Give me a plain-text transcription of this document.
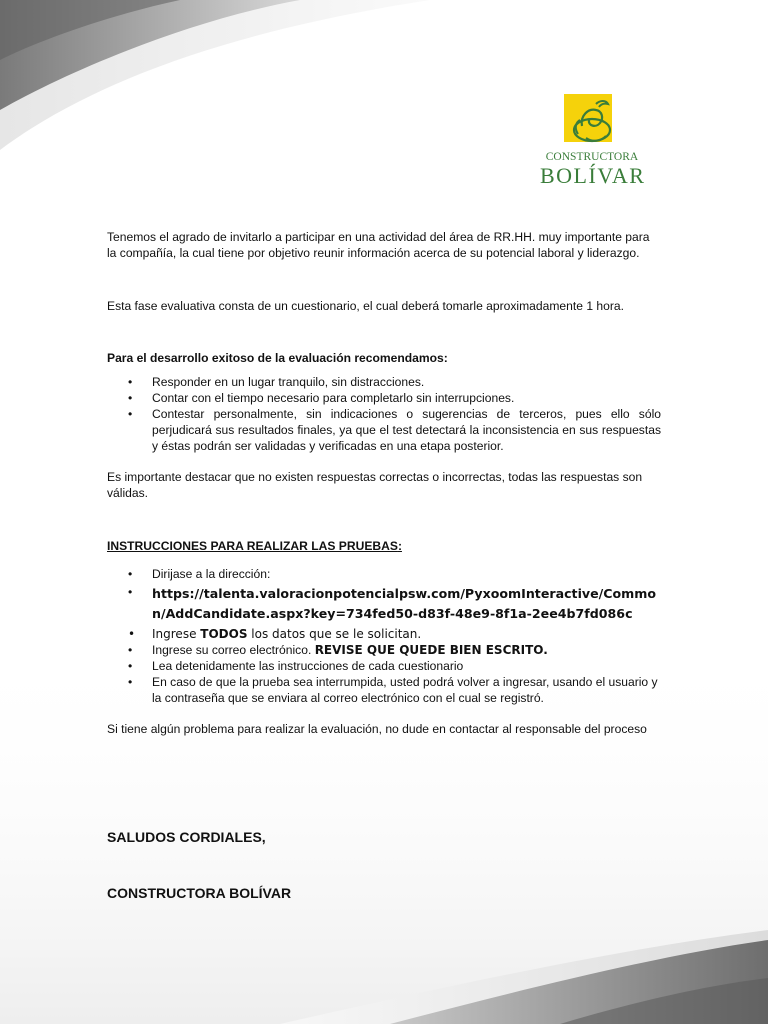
CONSTRUCTORA
BOLÍVAR

Tenemos el agrado de invitarlo a participar en una actividad del área de RR.HH. muy importante para la compañía, la cual tiene por objetivo reunir información acerca de su potencial laboral y liderazgo.

Esta fase evaluativa consta de un cuestionario, el cual deberá tomarle aproximadamente 1 hora.

Para el desarrollo exitoso de la evaluación recomendamos:

• Responder en un lugar tranquilo, sin distracciones.
• Contar con el tiempo necesario para completarlo sin interrupciones.
• Contestar personalmente, sin indicaciones o sugerencias de terceros, pues ello sólo perjudicará sus resultados finales, ya que el test detectará la inconsistencia en sus respuestas y éstas podrán ser validadas y verificadas en una etapa posterior.

Es importante destacar que no existen respuestas correctas o incorrectas, todas las respuestas son válidas.

INSTRUCCIONES PARA REALIZAR LAS PRUEBAS:

• Dirijase a la dirección:
• https://talenta.valoracionpotencialpsw.com/PyxoomInteractive/Common/AddCandidate.aspx?key=734fed50-d83f-48e9-8f1a-2ee4b7fd086c
• Ingrese TODOS los datos que se le solicitan.
• Ingrese su correo electrónico. REVISE QUE QUEDE BIEN ESCRITO.
• Lea detenidamente las instrucciones de cada cuestionario
• En caso de que la prueba sea interrumpida, usted podrá volver a ingresar, usando el usuario y la contraseña que se enviara al correo electrónico con el cual se registró.

Si tiene algún problema para realizar la evaluación, no dude en contactar al responsable del proceso

SALUDOS CORDIALES,
CONSTRUCTORA BOLÍVAR
